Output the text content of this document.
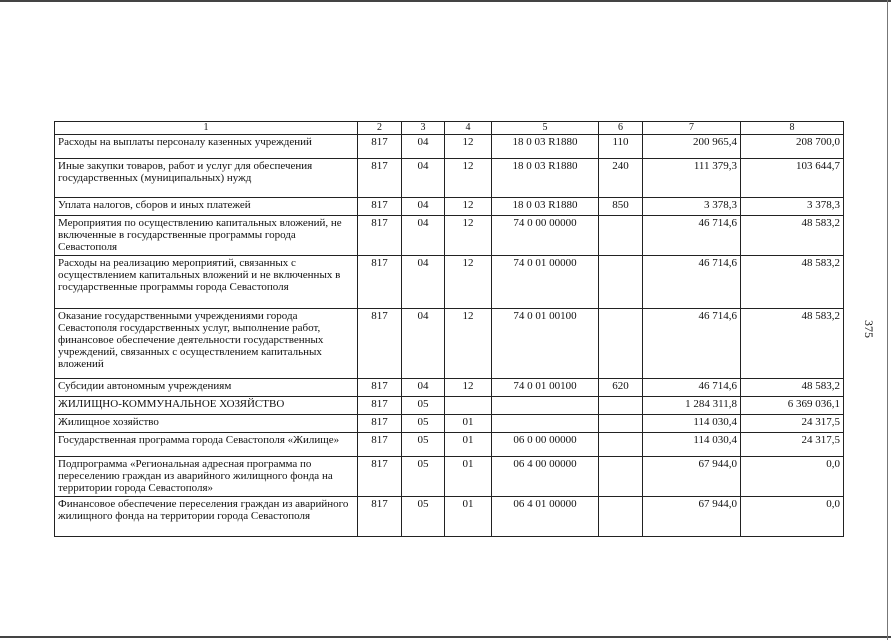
1	2	3	4	5	6	7	8
Расходы на выплаты персоналу казенных учреждений	817	04	12	18 0 03 R1880	110	200 965,4	208 700,0
Иные закупки товаров, работ и услуг для обеспечения государственных (муниципальных) нужд	817	04	12	18 0 03 R1880	240	111 379,3	103 644,7
Уплата налогов, сборов и иных платежей	817	04	12	18 0 03 R1880	850	3 378,3	3 378,3
Мероприятия по осуществлению капитальных вложений, не включенные в государственные программы города Севастополя	817	04	12	74 0 00 00000		46 714,6	48 583,2
Расходы на реализацию мероприятий, связанных с осуществлением капитальных вложений и не включенных в государственные программы города Севастополя	817	04	12	74 0 01 00000		46 714,6	48 583,2
Оказание государственными учреждениями города Севастополя государственных услуг, выполнение работ, финансовое обеспечение деятельности государственных учреждений, связанных с осуществлением капитальных вложений	817	04	12	74 0 01 00100		46 714,6	48 583,2
Субсидии автономным учреждениям	817	04	12	74 0 01 00100	620	46 714,6	48 583,2
ЖИЛИЩНО-КОММУНАЛЬНОЕ ХОЗЯЙСТВО	817	05				1 284 311,8	6 369 036,1
Жилищное хозяйство	817	05	01			114 030,4	24 317,5
Государственная программа города Севастополя «Жилище»	817	05	01	06 0 00 00000		114 030,4	24 317,5
Подпрограмма «Региональная адресная программа по переселению граждан из аварийного жилищного фонда на территории города Севастополя»	817	05	01	06 4 00 00000		67 944,0	0,0
Финансовое обеспечение переселения граждан из аварийного жилищного фонда на территории города Севастополя	817	05	01	06 4 01 00000		67 944,0	0,0
375
